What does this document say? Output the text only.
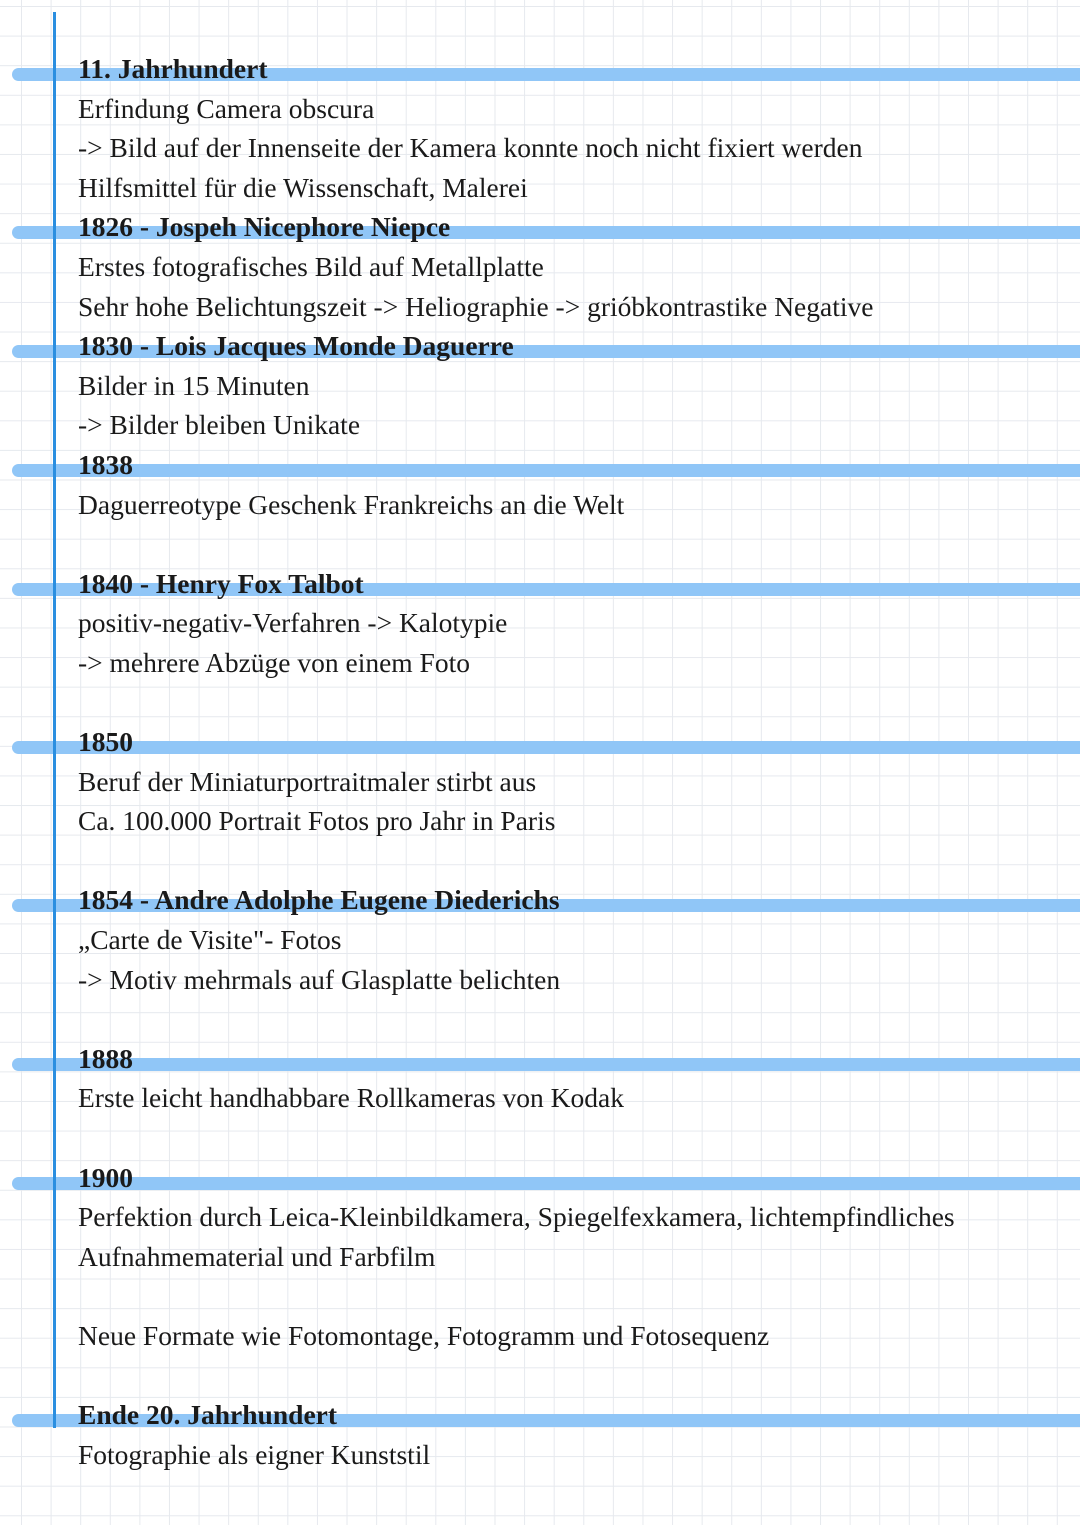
11. Jahrhundert
Erfindung Camera obscura
-> Bild auf der Innenseite der Kamera konnte noch nicht fixiert werden
Hilfsmittel für die Wissenschaft, Malerei
1826 - Jospeh Nicephore Niepce
Erstes fotografisches Bild auf Metallplatte
Sehr hohe Belichtungszeit -> Heliographie -> grióbkontrastike Negative
1830 - Lois Jacques Monde Daguerre
Bilder in 15 Minuten
-> Bilder bleiben Unikate
1838
Daguerreotype Geschenk Frankreichs an die Welt
1840 - Henry Fox Talbot
positiv-negativ-Verfahren -> Kalotypie
-> mehrere Abzüge von einem Foto
1850
Beruf der Miniaturportraitmaler stirbt aus
Ca. 100.000 Portrait Fotos pro Jahr in Paris
1854 - Andre Adolphe Eugene Diederichs
„Carte de Visite"- Fotos
-> Motiv mehrmals auf Glasplatte belichten
1888
Erste leicht handhabbare Rollkameras von Kodak
1900
Perfektion durch Leica-Kleinbildkamera, Spiegelfexkamera, lichtempfindliches
Aufnahmematerial und Farbfilm
Neue Formate wie Fotomontage, Fotogramm und Fotosequenz
Ende 20. Jahrhundert
Fotographie als eigner Kunststil
